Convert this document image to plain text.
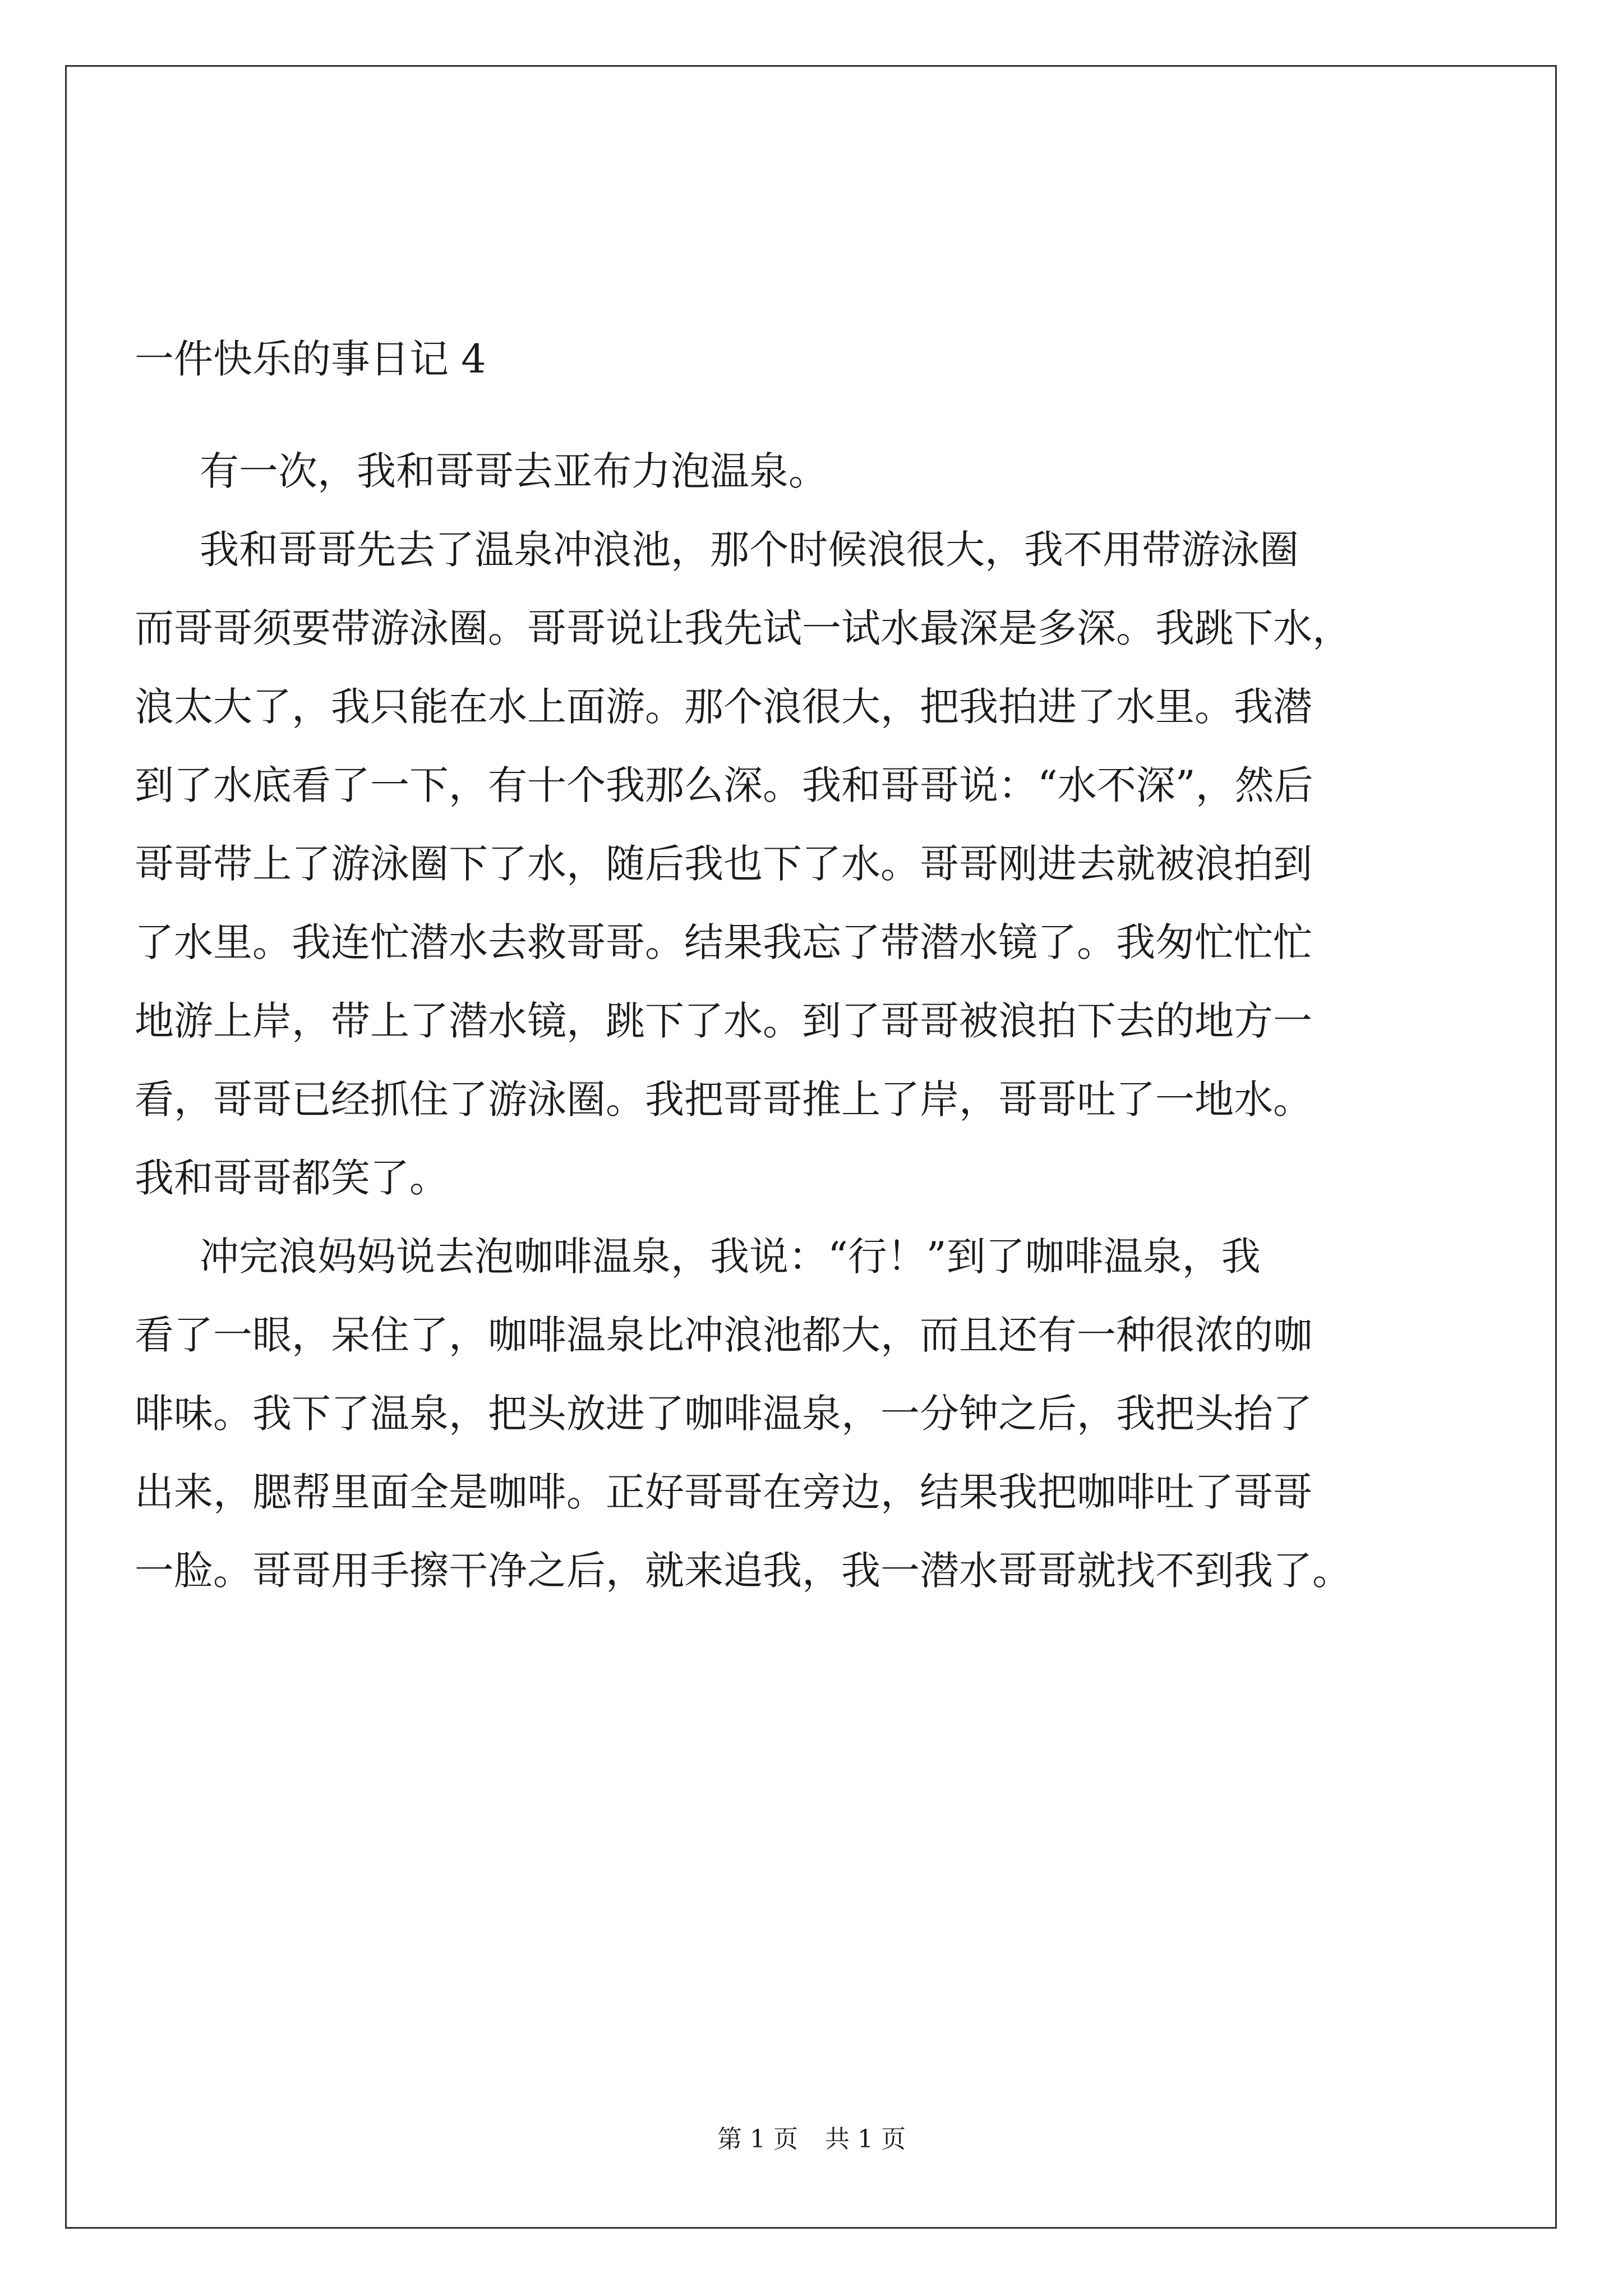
一件快乐的事日记 4

有一次，我和哥哥去亚布力泡温泉。

我和哥哥先去了温泉冲浪池，那个时候浪很大，我不用带游泳圈
而哥哥须要带游泳圈。哥哥说让我先试一试水最深是多深。我跳下水，
浪太大了，我只能在水上面游。那个浪很大，把我拍进了水里。我潜
到了水底看了一下，有十个我那么深。我和哥哥说：“水不深”，然后
哥哥带上了游泳圈下了水，随后我也下了水。哥哥刚进去就被浪拍到
了水里。我连忙潜水去救哥哥。结果我忘了带潜水镜了。我匆忙忙忙
地游上岸，带上了潜水镜，跳下了水。到了哥哥被浪拍下去的地方一
看，哥哥已经抓住了游泳圈。我把哥哥推上了岸，哥哥吐了一地水。
我和哥哥都笑了。

冲完浪妈妈说去泡咖啡温泉，我说：“行！”到了咖啡温泉，我
看了一眼，呆住了，咖啡温泉比冲浪池都大，而且还有一种很浓的咖
啡味。我下了温泉，把头放进了咖啡温泉，一分钟之后，我把头抬了
出来，腮帮里面全是咖啡。正好哥哥在旁边，结果我把咖啡吐了哥哥
一脸。哥哥用手擦干净之后，就来追我，我一潜水哥哥就找不到我了。

第 1 页 共 1 页
